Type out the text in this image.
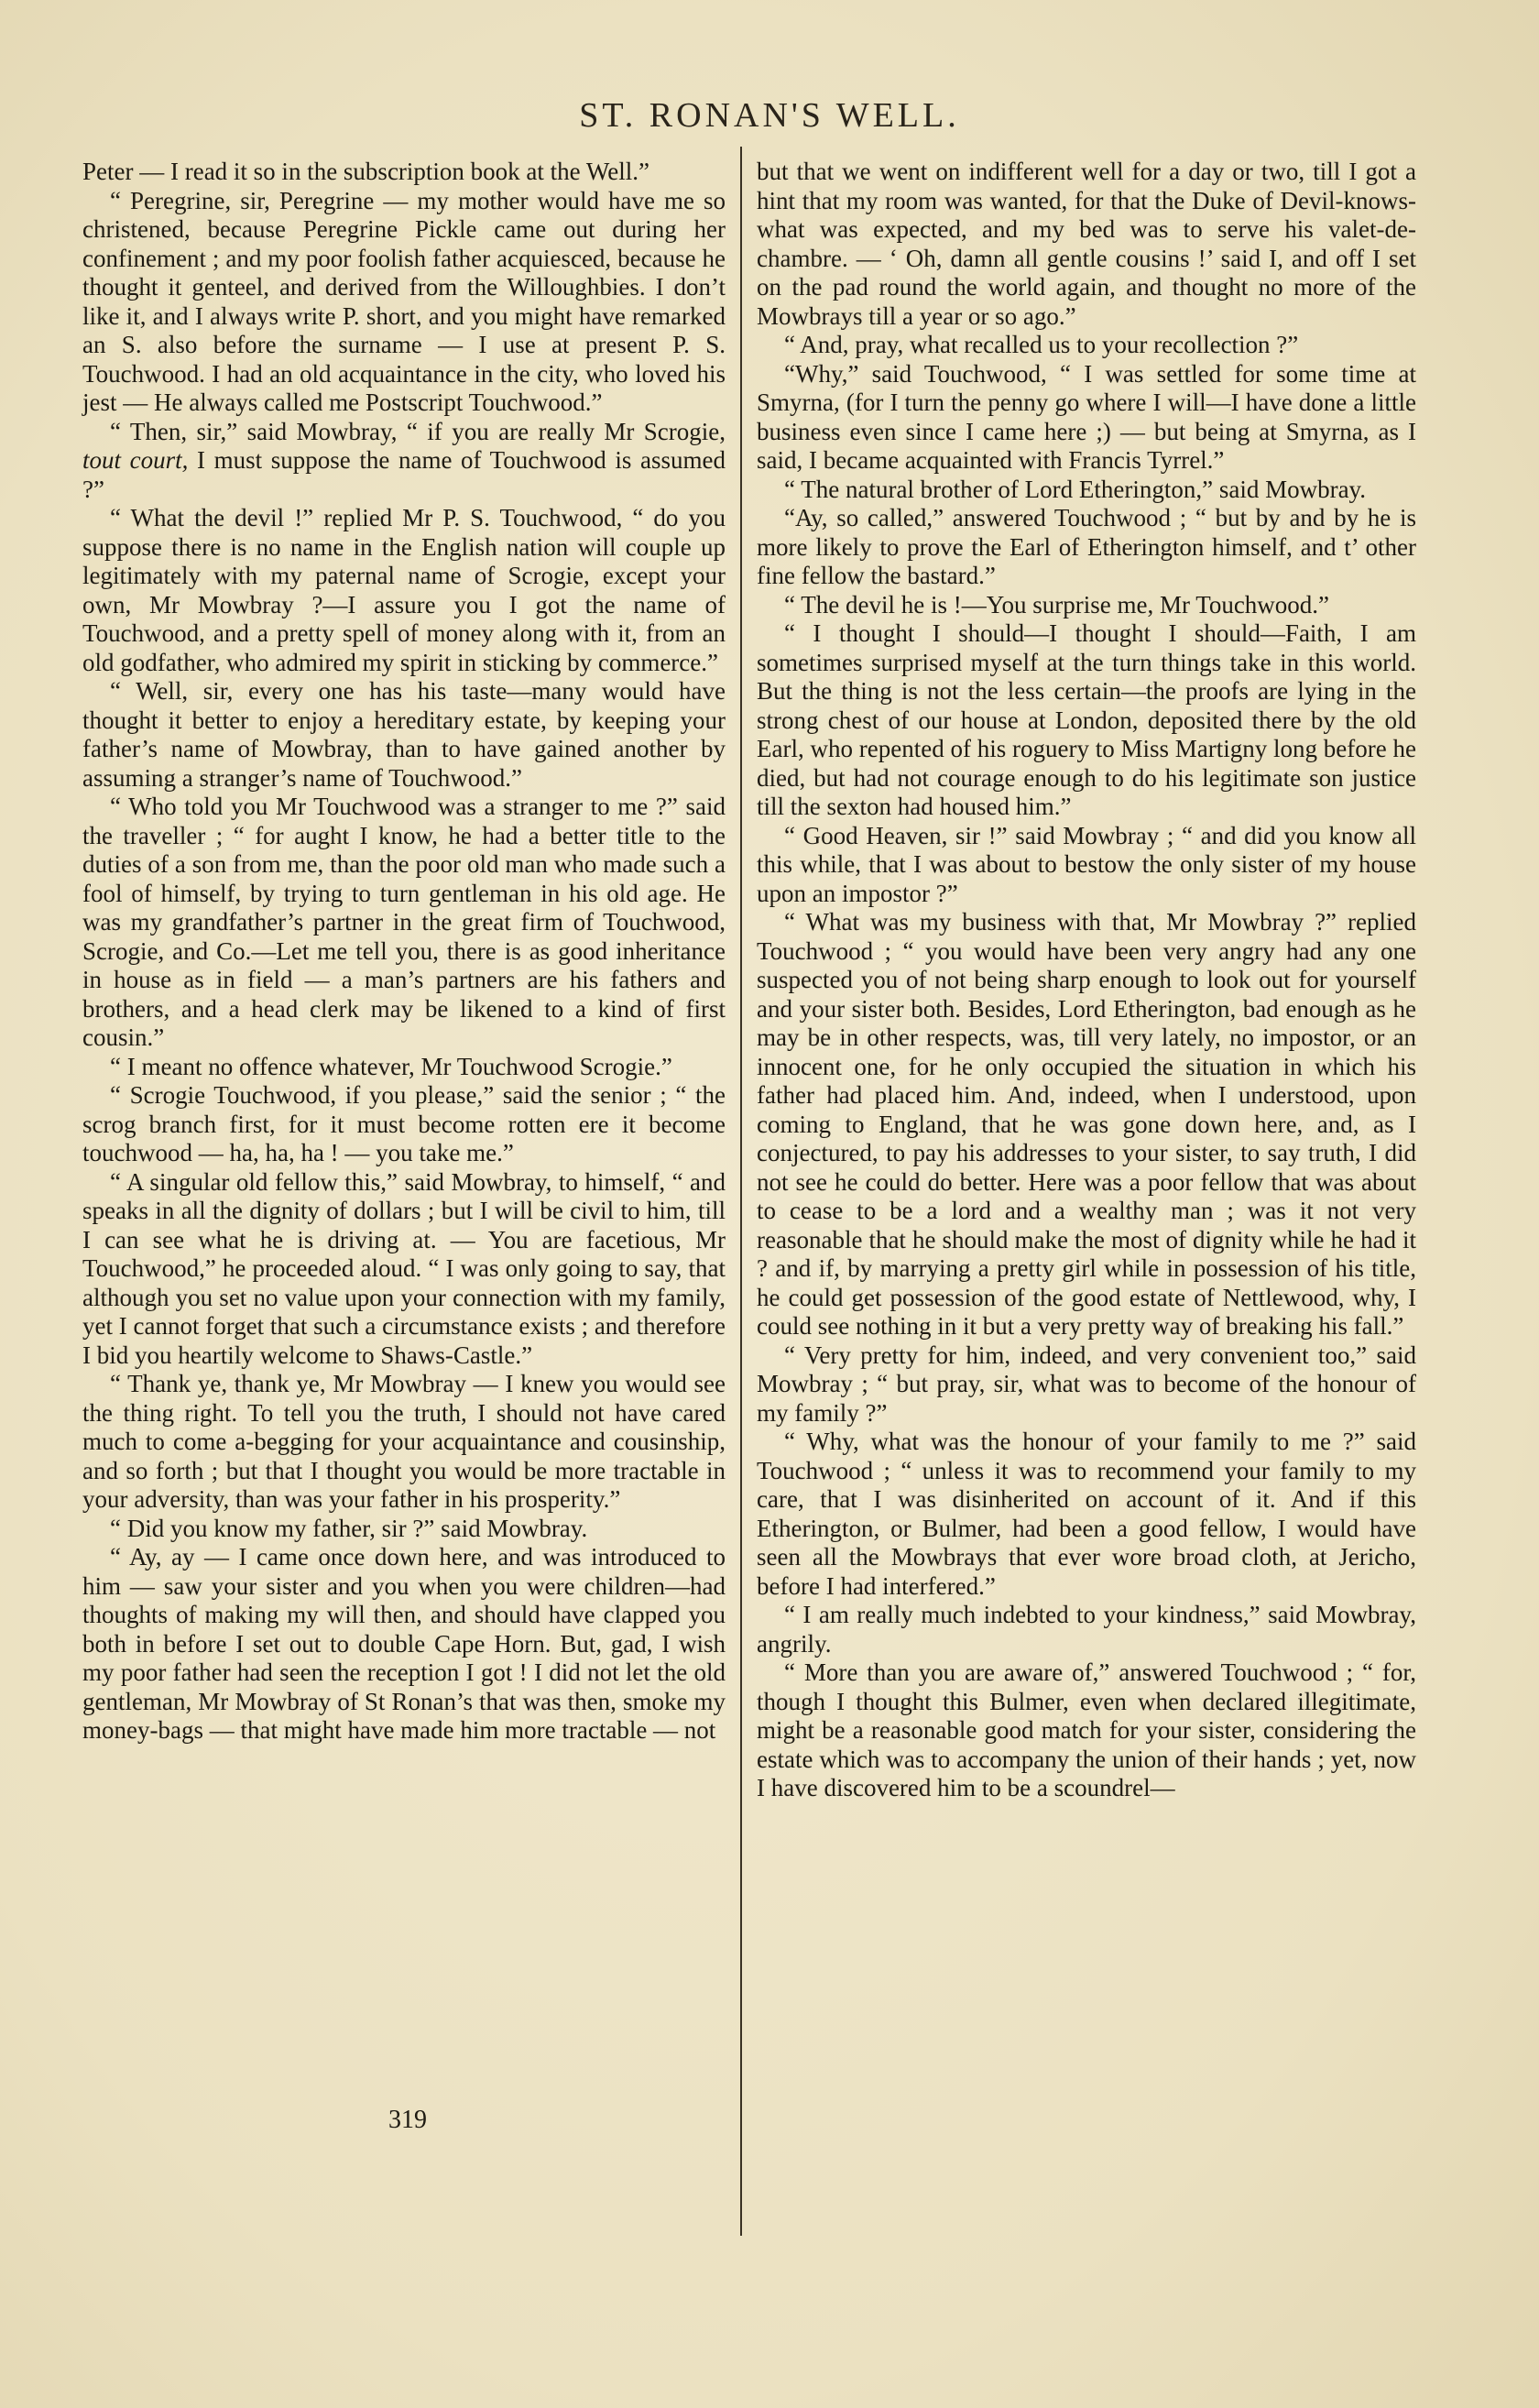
ST. RONAN'S WELL.

Peter — I read it so in the subscription book at the Well.”

“ Peregrine, sir, Peregrine — my mother would have me so christened, because Peregrine Pickle came out during her confinement ; and my poor foolish father acquiesced, because he thought it genteel, and derived from the Willoughbies. I don’t like it, and I always write P. short, and you might have remarked an S. also before the surname — I use at present P. S. Touchwood. I had an old acquaintance in the city, who loved his jest — He always called me Postscript Touchwood.”

“ Then, sir,” said Mowbray, “ if you are really Mr Scrogie, tout court, I must suppose the name of Touchwood is assumed ?”

“ What the devil !” replied Mr P. S. Touchwood, “ do you suppose there is no name in the English nation will couple up legitimately with my paternal name of Scrogie, except your own, Mr Mowbray ?—I assure you I got the name of Touchwood, and a pretty spell of money along with it, from an old godfather, who admired my spirit in sticking by commerce.”

“ Well, sir, every one has his taste—many would have thought it better to enjoy a hereditary estate, by keeping your father’s name of Mowbray, than to have gained another by assuming a stranger’s name of Touchwood.”

“ Who told you Mr Touchwood was a stranger to me ?” said the traveller ; “ for aught I know, he had a better title to the duties of a son from me, than the poor old man who made such a fool of himself, by trying to turn gentleman in his old age. He was my grandfather’s partner in the great firm of Touchwood, Scrogie, and Co.—Let me tell you, there is as good inheritance in house as in field — a man’s partners are his fathers and brothers, and a head clerk may be likened to a kind of first cousin.”

“ I meant no offence whatever, Mr Touchwood Scrogie.”

“ Scrogie Touchwood, if you please,” said the senior ; “ the scrog branch first, for it must become rotten ere it become touchwood — ha, ha, ha ! — you take me.”

“ A singular old fellow this,” said Mowbray, to himself, “ and speaks in all the dignity of dollars ; but I will be civil to him, till I can see what he is driving at. — You are facetious, Mr Touchwood,” he proceeded aloud. “ I was only going to say, that although you set no value upon your connection with my family, yet I cannot forget that such a circumstance exists ; and therefore I bid you heartily welcome to Shaws-Castle.”

“ Thank ye, thank ye, Mr Mowbray — I knew you would see the thing right. To tell you the truth, I should not have cared much to come a-begging for your acquaintance and cousinship, and so forth ; but that I thought you would be more tractable in your adversity, than was your father in his prosperity.”

“ Did you know my father, sir ?” said Mowbray.

“ Ay, ay — I came once down here, and was introduced to him — saw your sister and you when you were children—had thoughts of making my will then, and should have clapped you both in before I set out to double Cape Horn. But, gad, I wish my poor father had seen the reception I got ! I did not let the old gentleman, Mr Mowbray of St Ronan’s that was then, smoke my money-bags — that might have made him more tractable — not

but that we went on indifferent well for a day or two, till I got a hint that my room was wanted, for that the Duke of Devil-knows-what was expected, and my bed was to serve his valet-de-chambre. — ‘ Oh, damn all gentle cousins !’ said I, and off I set on the pad round the world again, and thought no more of the Mowbrays till a year or so ago.”

“ And, pray, what recalled us to your recollection ?”

“Why,” said Touchwood, “ I was settled for some time at Smyrna, (for I turn the penny go where I will—I have done a little business even since I came here ;) — but being at Smyrna, as I said, I became acquainted with Francis Tyrrel.”

“ The natural brother of Lord Etherington,” said Mowbray.

“Ay, so called,” answered Touchwood ; “ but by and by he is more likely to prove the Earl of Etherington himself, and t’ other fine fellow the bastard.”

“ The devil he is !—You surprise me, Mr Touchwood.”

“ I thought I should—I thought I should—Faith, I am sometimes surprised myself at the turn things take in this world. But the thing is not the less certain—the proofs are lying in the strong chest of our house at London, deposited there by the old Earl, who repented of his roguery to Miss Martigny long before he died, but had not courage enough to do his legitimate son justice till the sexton had housed him.”

“ Good Heaven, sir !” said Mowbray ; “ and did you know all this while, that I was about to bestow the only sister of my house upon an impostor ?”

“ What was my business with that, Mr Mowbray ?” replied Touchwood ; “ you would have been very angry had any one suspected you of not being sharp enough to look out for yourself and your sister both. Besides, Lord Etherington, bad enough as he may be in other respects, was, till very lately, no impostor, or an innocent one, for he only occupied the situation in which his father had placed him. And, indeed, when I understood, upon coming to England, that he was gone down here, and, as I conjectured, to pay his addresses to your sister, to say truth, I did not see he could do better. Here was a poor fellow that was about to cease to be a lord and a wealthy man ; was it not very reasonable that he should make the most of dignity while he had it ? and if, by marrying a pretty girl while in possession of his title, he could get possession of the good estate of Nettlewood, why, I could see nothing in it but a very pretty way of breaking his fall.”

“ Very pretty for him, indeed, and very convenient too,” said Mowbray ; “ but pray, sir, what was to become of the honour of my family ?”

“ Why, what was the honour of your family to me ?” said Touchwood ; “ unless it was to recommend your family to my care, that I was disinherited on account of it. And if this Etherington, or Bulmer, had been a good fellow, I would have seen all the Mowbrays that ever wore broad cloth, at Jericho, before I had interfered.”

“ I am really much indebted to your kindness,” said Mowbray, angrily.

“ More than you are aware of,” answered Touchwood ; “ for, though I thought this Bulmer, even when declared illegitimate, might be a reasonable good match for your sister, considering the estate which was to accompany the union of their hands ; yet, now I have discovered him to be a scoundrel—

319
